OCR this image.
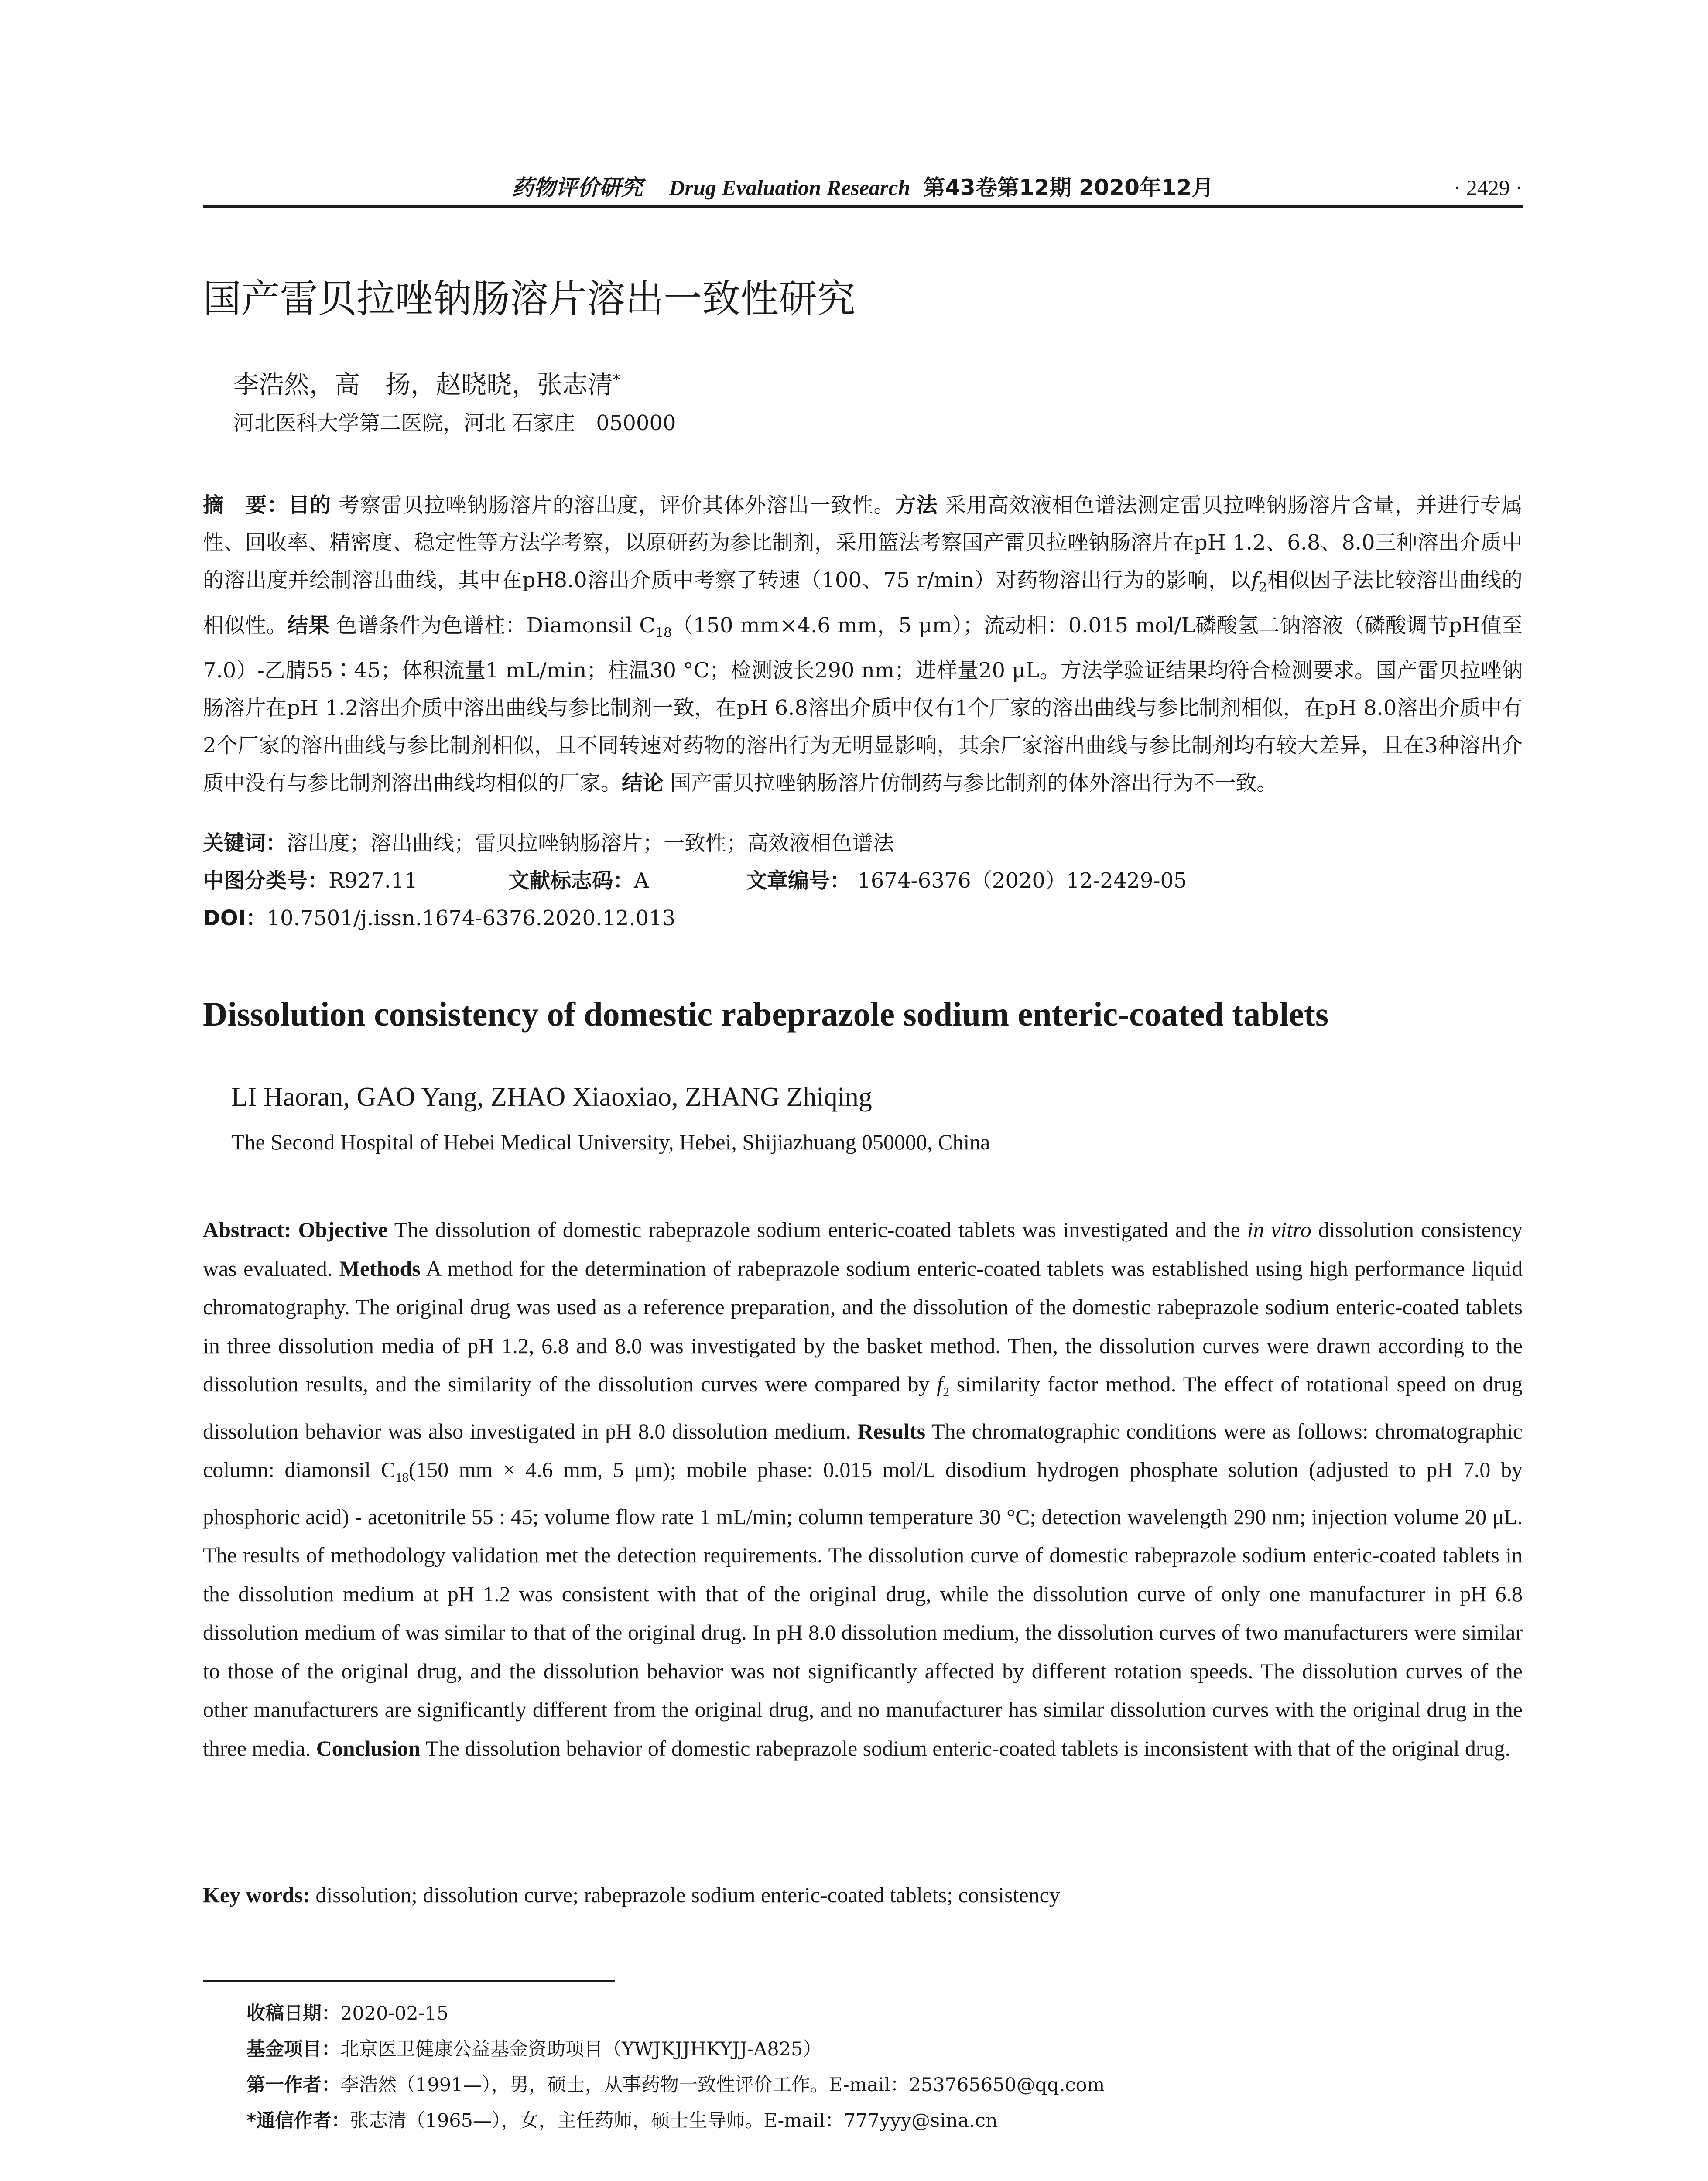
药物评价研究 Drug Evaluation Research 第43卷第12期 2020年12月	· 2429 ·
国产雷贝拉唑钠肠溶片溶出一致性研究
李浩然，高　扬，赵晓晓，张志清*
河北医科大学第二医院，河北 石家庄　050000
摘　要：目的 考察雷贝拉唑钠肠溶片的溶出度，评价其体外溶出一致性。方法 采用高效液相色谱法测定雷贝拉唑钠肠溶片含量，并进行专属性、回收率、精密度、稳定性等方法学考察，以原研药为参比制剂，采用篮法考察国产雷贝拉唑钠肠溶片在pH 1.2、6.8、8.0三种溶出介质中的溶出度并绘制溶出曲线，其中在pH8.0溶出介质中考察了转速（100、75 r/min）对药物溶出行为的影响，以$f_2$相似因子法比较溶出曲线的相似性。结果 色谱条件为色谱柱：Diamonsil $C_{18}(150$ mm×4.6 mm，5 μm）；流动相：0.015 mol/L磷酸氢二钠溶液（磷酸调节pH值至7.0）-乙腈55∶45；体积流量1 mL/min；柱温30 °C；检测波长290 nm；进样量20 μL。方法学验证结果均符合检测要求。国产雷贝拉唑钠肠溶片在pH 1.2溶出介质中溶出曲线与参比制剂一致，在pH 6.8溶出介质中仅有1个厂家的溶出曲线与参比制剂相似，在pH 8.0溶出介质中有2个厂家的溶出曲线与参比制剂相似，且不同转速对药物的溶出行为无明显影响，其余厂家溶出曲线与参比制剂均有较大差异，且在3种溶出介质中没有与参比制剂溶出曲线均相似的厂家。结论 国产雷贝拉唑钠肠溶片仿制药与参比制剂的体外溶出行为不一致。
关键词：溶出度；溶出曲线；雷贝拉唑钠肠溶片；一致性；高效液相色谱法
中图分类号：R927.11	文献标志码：A	文章编号： 1674-6376（2020）12-2429-05
DOI：10.7501/j.issn.1674-6376.2020.12.013
Dissolution consistency of domestic rabeprazole sodium enteric-coated tablets
LI Haoran, GAO Yang, ZHAO Xiaoxiao, ZHANG Zhiqing
The Second Hospital of Hebei Medical University, Hebei, Shijiazhuang 050000, China
Abstract: Objective The dissolution of domestic rabeprazole sodium enteric-coated tablets was investigated and the in vitro dissolution consistency was evaluated. Methods A method for the determination of rabeprazole sodium enteric-coated tablets was established using high performance liquid chromatography. The original drug was used as a reference preparation, and the dissolution of the domestic rabeprazole sodium enteric-coated tablets in three dissolution media of pH 1.2, 6.8 and 8.0 was investigated by the basket method. Then, the dissolution curves were drawn according to the dissolution results, and the similarity of the dissolution curves were compared by $f_2$ similarity factor method. The effect of rotational speed on drug dissolution behavior was also investigated in pH 8.0 dissolution medium. Results The chromatographic conditions were as follows: chromatographic column: diamonsil $C_{18}(150$ mm × 4.6 mm, 5 μm); mobile phase: 0.015 mol/L disodium hydrogen phosphate solution (adjusted to pH 7.0 by phosphoric acid) - acetonitrile 55 : 45; volume flow rate 1 mL/min; column temperature 30 °C; detection wavelength 290 nm; injection volume 20 μL. The results of methodology validation met the detection requirements. The dissolution curve of domestic rabeprazole sodium enteric-coated tablets in the dissolution medium at pH 1.2 was consistent with that of the original drug, while the dissolution curve of only one manufacturer in pH 6.8 dissolution medium of was similar to that of the original drug. In pH 8.0 dissolution medium, the dissolution curves of two manufacturers were similar to those of the original drug, and the dissolution behavior was not significantly affected by different rotation speeds. The dissolution curves of the other manufacturers are significantly different from the original drug, and no manufacturer has similar dissolution curves with the original drug in the three media. Conclusion The dissolution behavior of domestic rabeprazole sodium enteric-coated tablets is inconsistent with that of the original drug.
Key words: dissolution; dissolution curve; rabeprazole sodium enteric-coated tablets; consistency
收稿日期：2020-02-15
基金项目：北京医卫健康公益基金资助项目（YWJKJJHKYJJ-A825）
第一作者：李浩然（1991—），男，硕士，从事药物一致性评价工作。E-mail：253765650@qq.com
*通信作者：张志清（1965—），女，主任药师，硕士生导师。E-mail：777yyy@sina.cn
